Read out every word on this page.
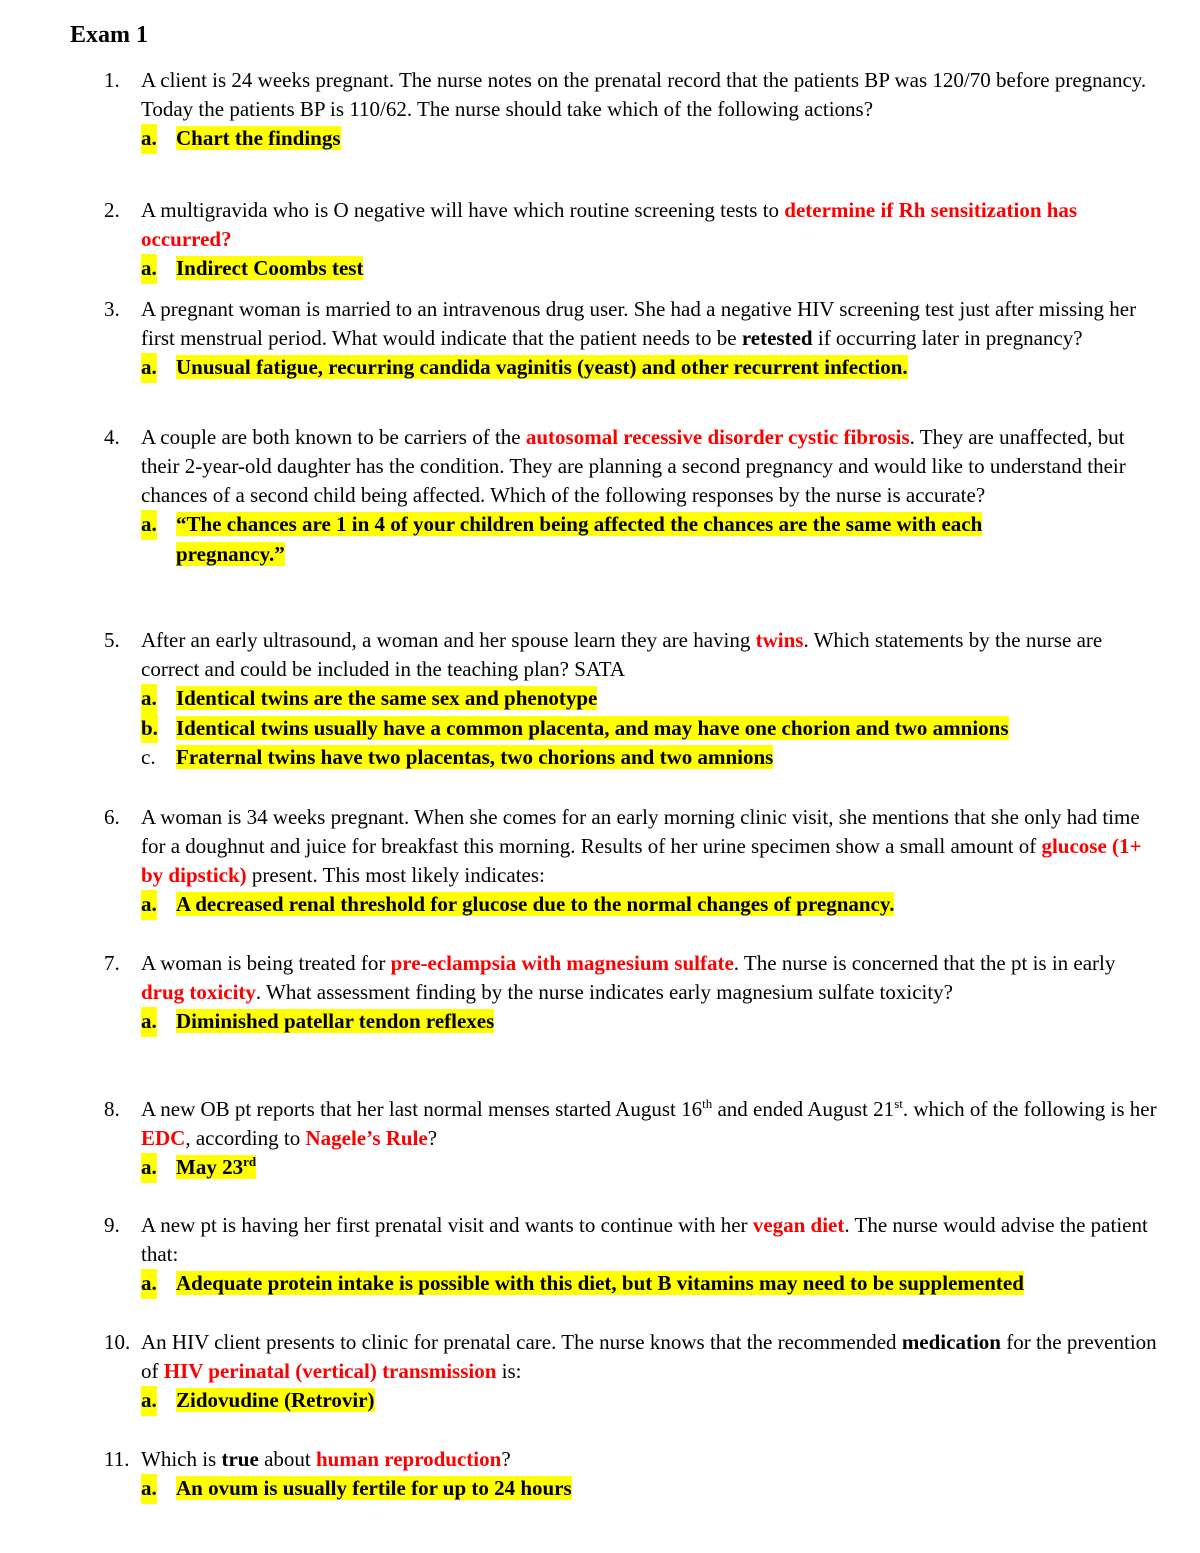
Exam 1
1.	A client is 24 weeks pregnant. The nurse notes on the prenatal record that the patients BP was 120/70 before pregnancy. Today the patients BP is 110/62. The nurse should take which of the following actions?
a. Chart the findings
2.	A multigravida who is O negative will have which routine screening tests to determine if Rh sensitization has occurred?
a. Indirect Coombs test
3.	A pregnant woman is married to an intravenous drug user. She had a negative HIV screening test just after missing her first menstrual period. What would indicate that the patient needs to be retested if occurring later in pregnancy?
a. Unusual fatigue, recurring candida vaginitis (yeast) and other recurrent infection.
4.	A couple are both known to be carriers of the autosomal recessive disorder cystic fibrosis. They are unaffected, but their 2-year-old daughter has the condition. They are planning a second pregnancy and would like to understand their chances of a second child being affected. Which of the following responses by the nurse is accurate?
a. “The chances are 1 in 4 of your children being affected the chances are the same with each
pregnancy.”
5.	After an early ultrasound, a woman and her spouse learn they are having twins. Which statements by the nurse are correct and could be included in the teaching plan? SATA
a. Identical twins are the same sex and phenotype
b. Identical twins usually have a common placenta, and may have one chorion and two amnions
c. Fraternal twins have two placentas, two chorions and two amnions
6.	A woman is 34 weeks pregnant. When she comes for an early morning clinic visit, she mentions that she only had time for a doughnut and juice for breakfast this morning. Results of her urine specimen show a small amount of glucose (1+ by dipstick) present. This most likely indicates:
a. A decreased renal threshold for glucose due to the normal changes of pregnancy.
7.	A woman is being treated for pre-eclampsia with magnesium sulfate. The nurse is concerned that the pt is in early drug toxicity. What assessment finding by the nurse indicates early magnesium sulfate toxicity?
a. Diminished patellar tendon reflexes
8.	A new OB pt reports that her last normal menses started August 16th and ended August 21st. which of the following is her EDC, according to Nagele’s Rule?
a. May 23rd
9.	A new pt is having her first prenatal visit and wants to continue with her vegan diet. The nurse would advise the patient that:
a. Adequate protein intake is possible with this diet, but B vitamins may need to be supplemented
10. An HIV client presents to clinic for prenatal care. The nurse knows that the recommended medication for the prevention of HIV perinatal (vertical) transmission is:
a. Zidovudine (Retrovir)
11. Which is true about human reproduction?
a. An ovum is usually fertile for up to 24 hours
